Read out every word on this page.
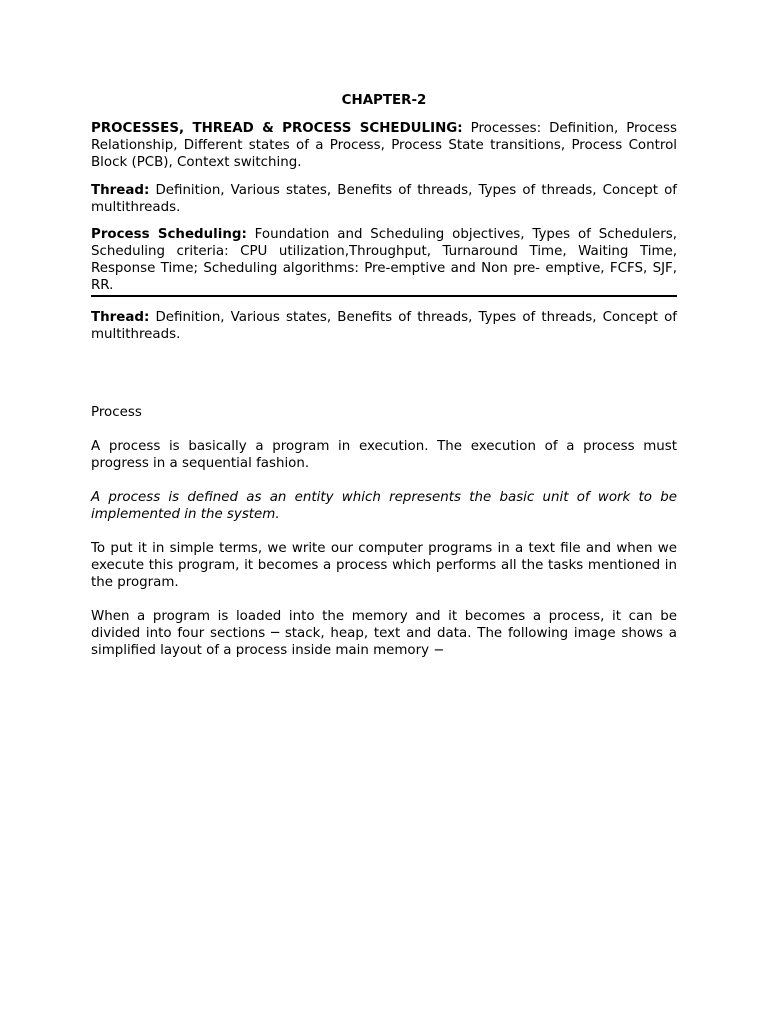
CHAPTER-2

PROCESSES, THREAD & PROCESS SCHEDULING: Processes: Definition, Process Relationship, Different states of a Process, Process State transitions, Process Control Block (PCB), Context switching.

Thread: Definition, Various states, Benefits of threads, Types of threads, Concept of multithreads.

Process Scheduling: Foundation and Scheduling objectives, Types of Schedulers, Scheduling criteria: CPU utilization,Throughput, Turnaround Time, Waiting Time, Response Time; Scheduling algorithms: Pre-emptive and Non pre- emptive, FCFS, SJF, RR.

Thread: Definition, Various states, Benefits of threads, Types of threads, Concept of multithreads.

Process

A process is basically a program in execution. The execution of a process must progress in a sequential fashion.

A process is defined as an entity which represents the basic unit of work to be implemented in the system.

To put it in simple terms, we write our computer programs in a text file and when we execute this program, it becomes a process which performs all the tasks mentioned in the program.

When a program is loaded into the memory and it becomes a process, it can be divided into four sections ─ stack, heap, text and data. The following image shows a simplified layout of a process inside main memory −
